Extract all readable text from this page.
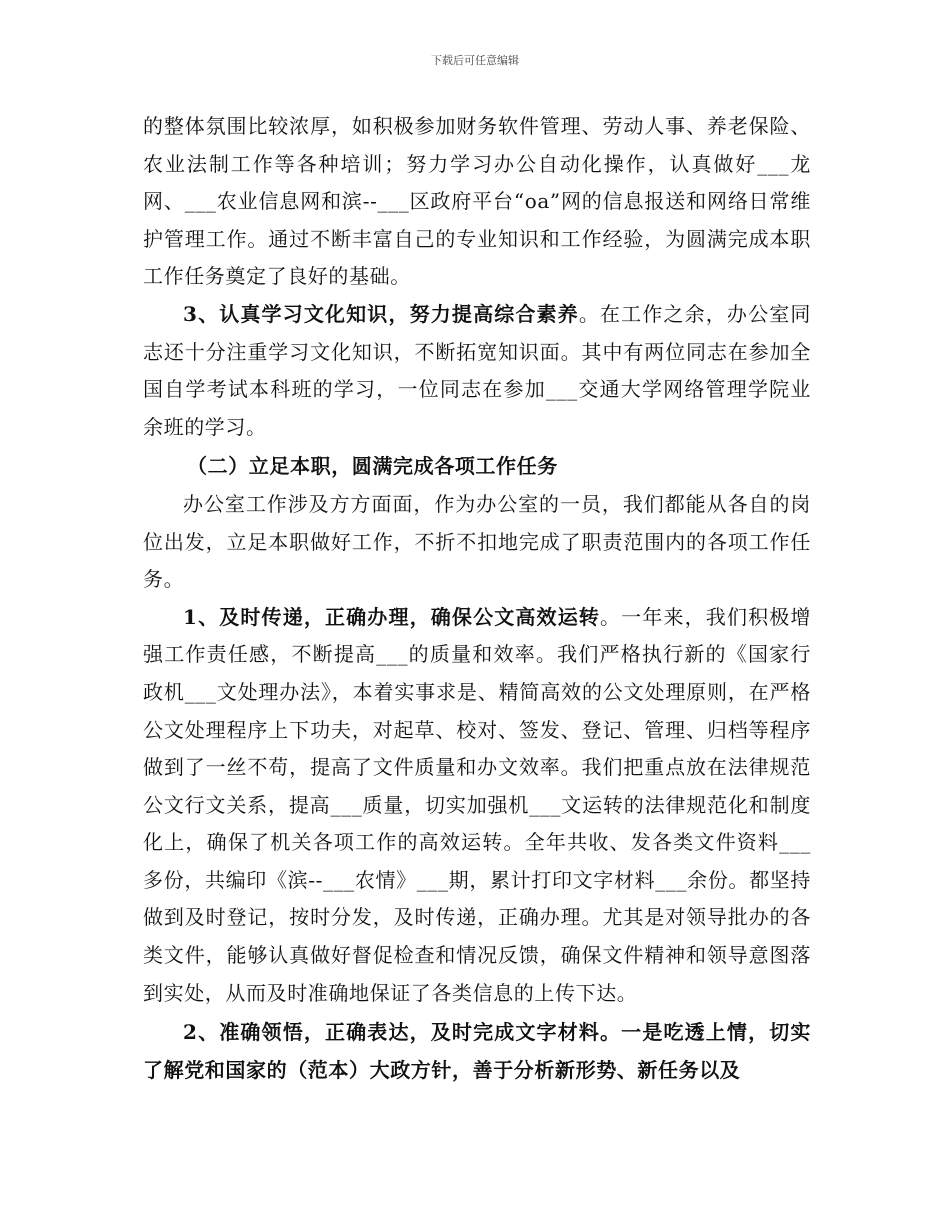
下载后可任意编辑

的整体氛围比较浓厚，如积极参加财务软件管理、劳动人事、养老保险、农业法制工作等各种培训；努力学习办公自动化操作，认真做好___龙网、___农业信息网和滨--___区政府平台“oa”网的信息报送和网络日常维护管理工作。通过不断丰富自己的专业知识和工作经验，为圆满完成本职工作任务奠定了良好的基础。

3、认真学习文化知识，努力提高综合素养。在工作之余，办公室同志还十分注重学习文化知识，不断拓宽知识面。其中有两位同志在参加全国自学考试本科班的学习，一位同志在参加___交通大学网络管理学院业余班的学习。

（二）立足本职，圆满完成各项工作任务

办公室工作涉及方方面面，作为办公室的一员，我们都能从各自的岗位出发，立足本职做好工作，不折不扣地完成了职责范围内的各项工作任务。

1、及时传递，正确办理，确保公文高效运转。一年来，我们积极增强工作责任感，不断提高___的质量和效率。我们严格执行新的《国家行政机___文处理办法》，本着实事求是、精简高效的公文处理原则，在严格公文处理程序上下功夫，对起草、校对、签发、登记、管理、归档等程序做到了一丝不苟，提高了文件质量和办文效率。我们把重点放在法律规范公文行文关系，提高___质量，切实加强机___文运转的法律规范化和制度化上，确保了机关各项工作的高效运转。全年共收、发各类文件资料___多份，共编印《滨--___农情》___期，累计打印文字材料___余份。都坚持做到及时登记，按时分发，及时传递，正确办理。尤其是对领导批办的各类文件，能够认真做好督促检查和情况反馈，确保文件精神和领导意图落到实处，从而及时准确地保证了各类信息的上传下达。

2、准确领悟，正确表达，及时完成文字材料。一是吃透上情，切实了解党和国家的（范本）大政方针，善于分析新形势、新任务以及
